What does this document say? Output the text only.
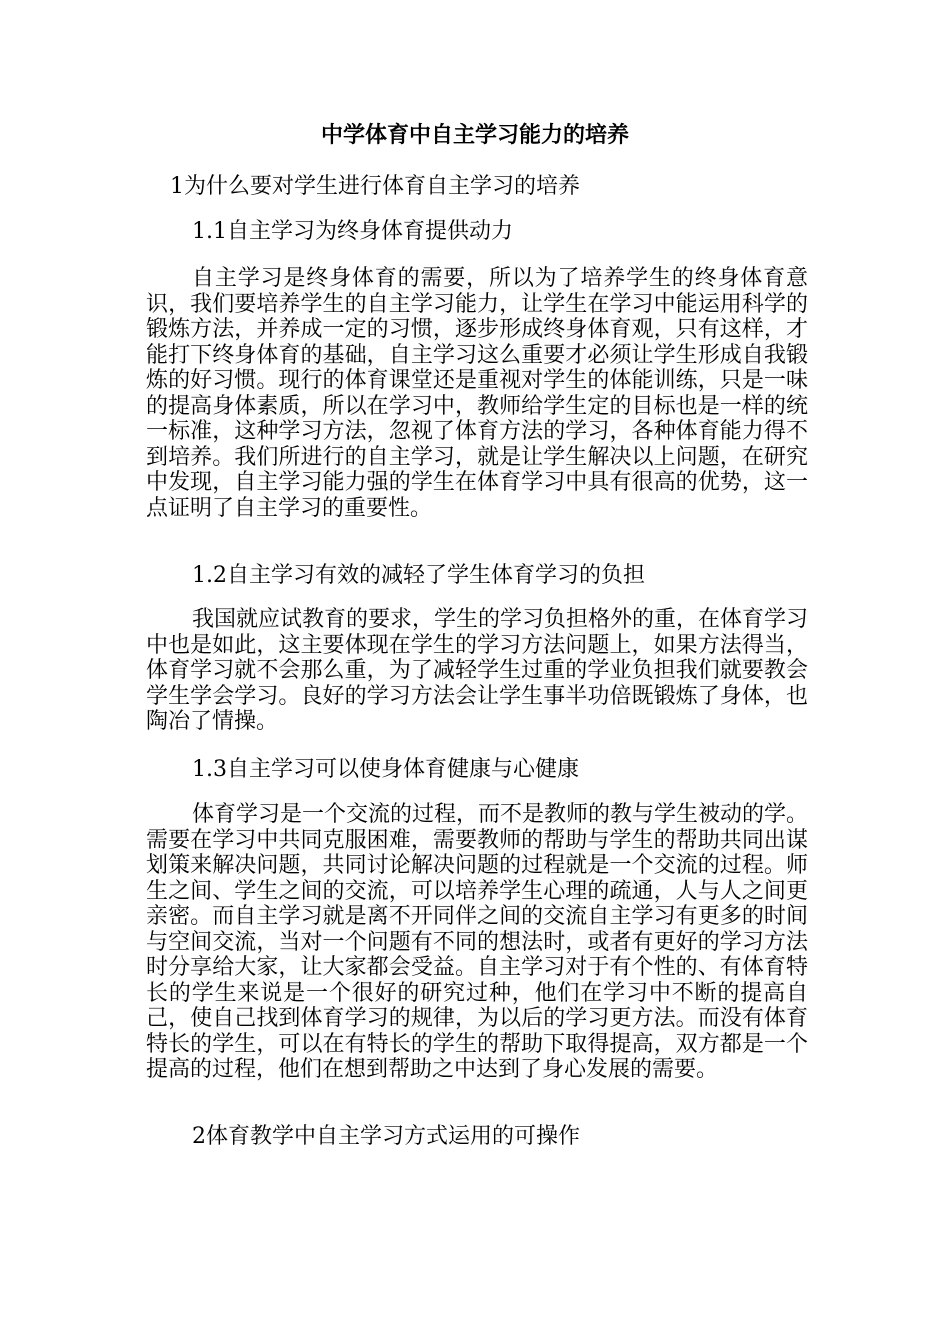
中学体育中自主学习能力的培养
1为什么要对学生进行体育自主学习的培养
1.1自主学习为终身体育提供动力
自主学习是终身体育的需要，所以为了培养学生的终身体育意识，我们要培养学生的自主学习能力，让学生在学习中能运用科学的锻炼方法，并养成一定的习惯，逐步形成终身体育观，只有这样，才能打下终身体育的基础，自主学习这么重要才必须让学生形成自我锻炼的好习惯。现行的体育课堂还是重视对学生的体能训练，只是一味的提高身体素质，所以在学习中，教师给学生定的目标也是一样的统一标准，这种学习方法，忽视了体育方法的学习，各种体育能力得不到培养。我们所进行的自主学习，就是让学生解决以上问题，在研究中发现，自主学习能力强的学生在体育学习中具有很高的优势，这一点证明了自主学习的重要性。
1.2自主学习有效的减轻了学生体育学习的负担
我国就应试教育的要求，学生的学习负担格外的重，在体育学习中也是如此，这主要体现在学生的学习方法问题上，如果方法得当，体育学习就不会那么重，为了减轻学生过重的学业负担我们就要教会学生学会学习。良好的学习方法会让学生事半功倍既锻炼了身体，也陶冶了情操。
1.3自主学习可以使身体育健康与心健康
体育学习是一个交流的过程，而不是教师的教与学生被动的学。需要在学习中共同克服困难，需要教师的帮助与学生的帮助共同出谋划策来解决问题，共同讨论解决问题的过程就是一个交流的过程。师生之间、学生之间的交流，可以培养学生心理的疏通，人与人之间更亲密。而自主学习就是离不开同伴之间的交流自主学习有更多的时间与空间交流，当对一个问题有不同的想法时，或者有更好的学习方法时分享给大家，让大家都会受益。自主学习对于有个性的、有体育特长的学生来说是一个很好的研究过种，他们在学习中不断的提高自己，使自己找到体育学习的规律，为以后的学习更方法。而没有体育特长的学生，可以在有特长的学生的帮助下取得提高，双方都是一个提高的过程，他们在想到帮助之中达到了身心发展的需要。
2体育教学中自主学习方式运用的可操作
